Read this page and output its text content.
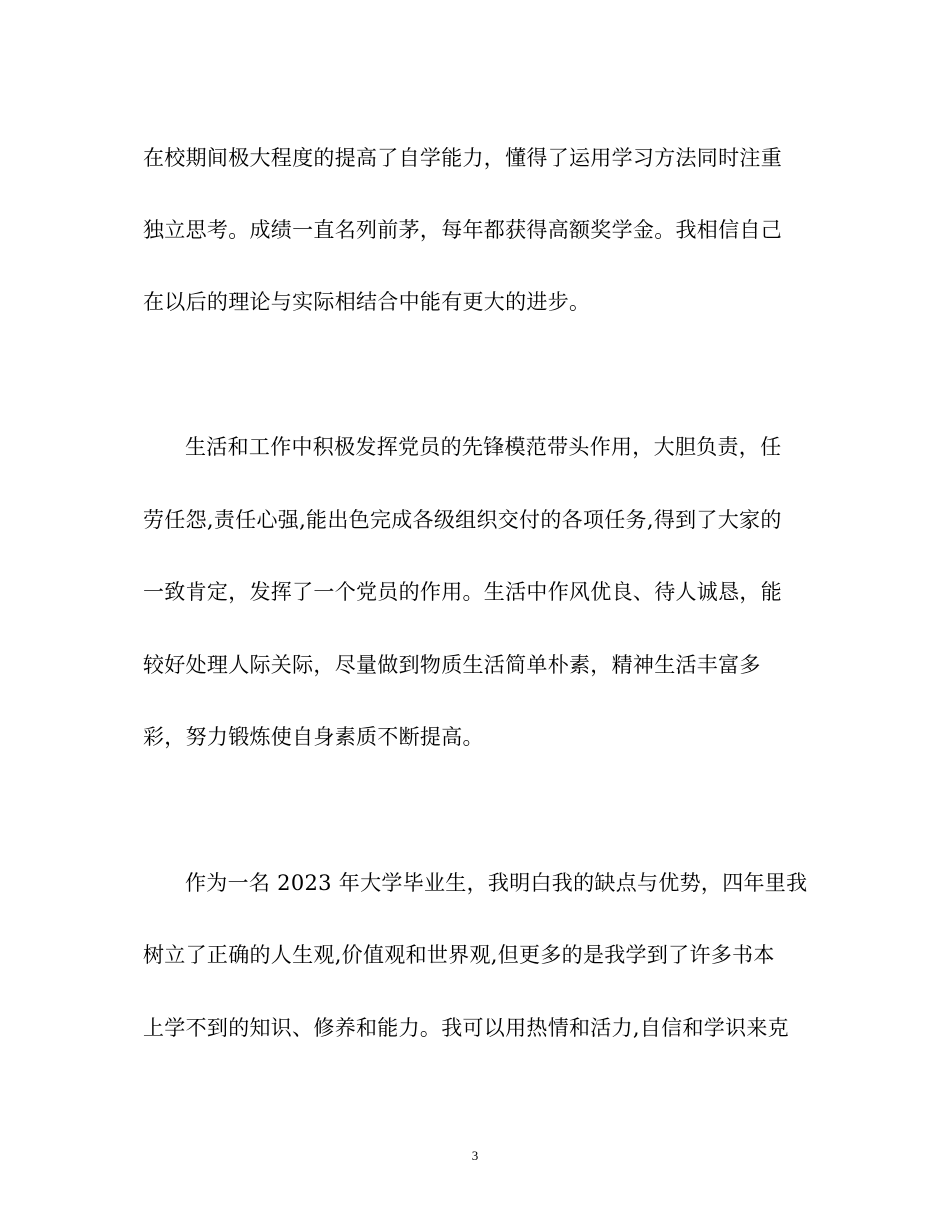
在校期间极大程度的提高了自学能力，懂得了运用学习方法同时注重
独立思考。成绩一直名列前茅，每年都获得高额奖学金。我相信自己
在以后的理论与实际相结合中能有更大的进步。
生活和工作中积极发挥党员的先锋模范带头作用，大胆负责，任
劳任怨,责任心强,能出色完成各级组织交付的各项任务,得到了大家的
一致肯定，发挥了一个党员的作用。生活中作风优良、待人诚恳，能
较好处理人际关际，尽量做到物质生活简单朴素，精神生活丰富多
彩，努力锻炼使自身素质不断提高。
作为一名 2023 年大学毕业生，我明白我的缺点与优势，四年里我
树立了正确的人生观,价值观和世界观,但更多的是我学到了许多书本
上学不到的知识、修养和能力。我可以用热情和活力,自信和学识来克
3
